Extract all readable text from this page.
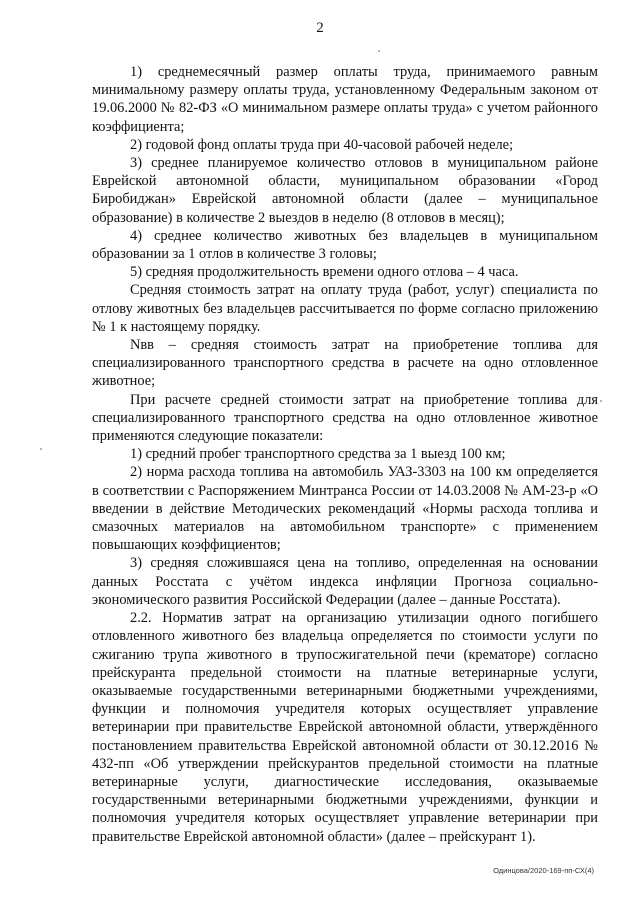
2

1) среднемесячный размер оплаты труда, принимаемого равным минимальному размеру оплаты труда, установленному Федеральным законом от 19.06.2000 № 82-ФЗ «О минимальном размере оплаты труда» с учетом районного коэффициента;

2) годовой фонд оплаты труда при 40-часовой рабочей неделе;

3) среднее планируемое количество отловов в муниципальном районе Еврейской автономной области, муниципальном образовании «Город Биробиджан» Еврейской автономной области (далее – муниципальное образование) в количестве 2 выездов в неделю (8 отловов в месяц);

4) среднее количество животных без владельцев в муниципальном образовании за 1 отлов в количестве 3 головы;

5) средняя продолжительность времени одного отлова – 4 часа.

Средняя стоимость затрат на оплату труда (работ, услуг) специалиста по отлову животных без владельцев рассчитывается по форме согласно приложению № 1 к настоящему порядку.

Nвв – средняя стоимость затрат на приобретение топлива для специализированного транспортного средства в расчете на одно отловленное животное;

При расчете средней стоимости затрат на приобретение топлива для специализированного транспортного средства на одно отловленное животное применяются следующие показатели:

1) средний пробег транспортного средства за 1 выезд 100 км;

2) норма расхода топлива на автомобиль УАЗ-3303 на 100 км определяется в соответствии с Распоряжением Минтранса России от 14.03.2008 № АМ-23-р «О введении в действие Методических рекомендаций «Нормы расхода топлива и смазочных материалов на автомобильном транспорте» с применением повышающих коэффициентов;

3) средняя сложившаяся цена на топливо, определенная на основании данных Росстата с учётом индекса инфляции Прогноза социально-экономического развития Российской Федерации (далее – данные Росстата).

2.2. Норматив затрат на организацию утилизации одного погибшего отловленного животного без владельца определяется по стоимости услуги по сжиганию трупа животного в трупосжигательной печи (крематоре) согласно прейскуранта предельной стоимости на платные ветеринарные услуги, оказываемые государственными ветеринарными бюджетными учреждениями, функции и полномочия учредителя которых осуществляет управление ветеринарии при правительстве Еврейской автономной области, утверждённого постановлением правительства Еврейской автономной области от 30.12.2016 № 432-пп «Об утверждении прейскурантов предельной стоимости на платные ветеринарные услуги, диагностические исследования, оказываемые государственными ветеринарными бюджетными учреждениями, функции и полномочия учредителя которых осуществляет управление ветеринарии при правительстве Еврейской автономной области» (далее – прейскурант 1).

Одинцова/2020-169-пп-СХ(4)
